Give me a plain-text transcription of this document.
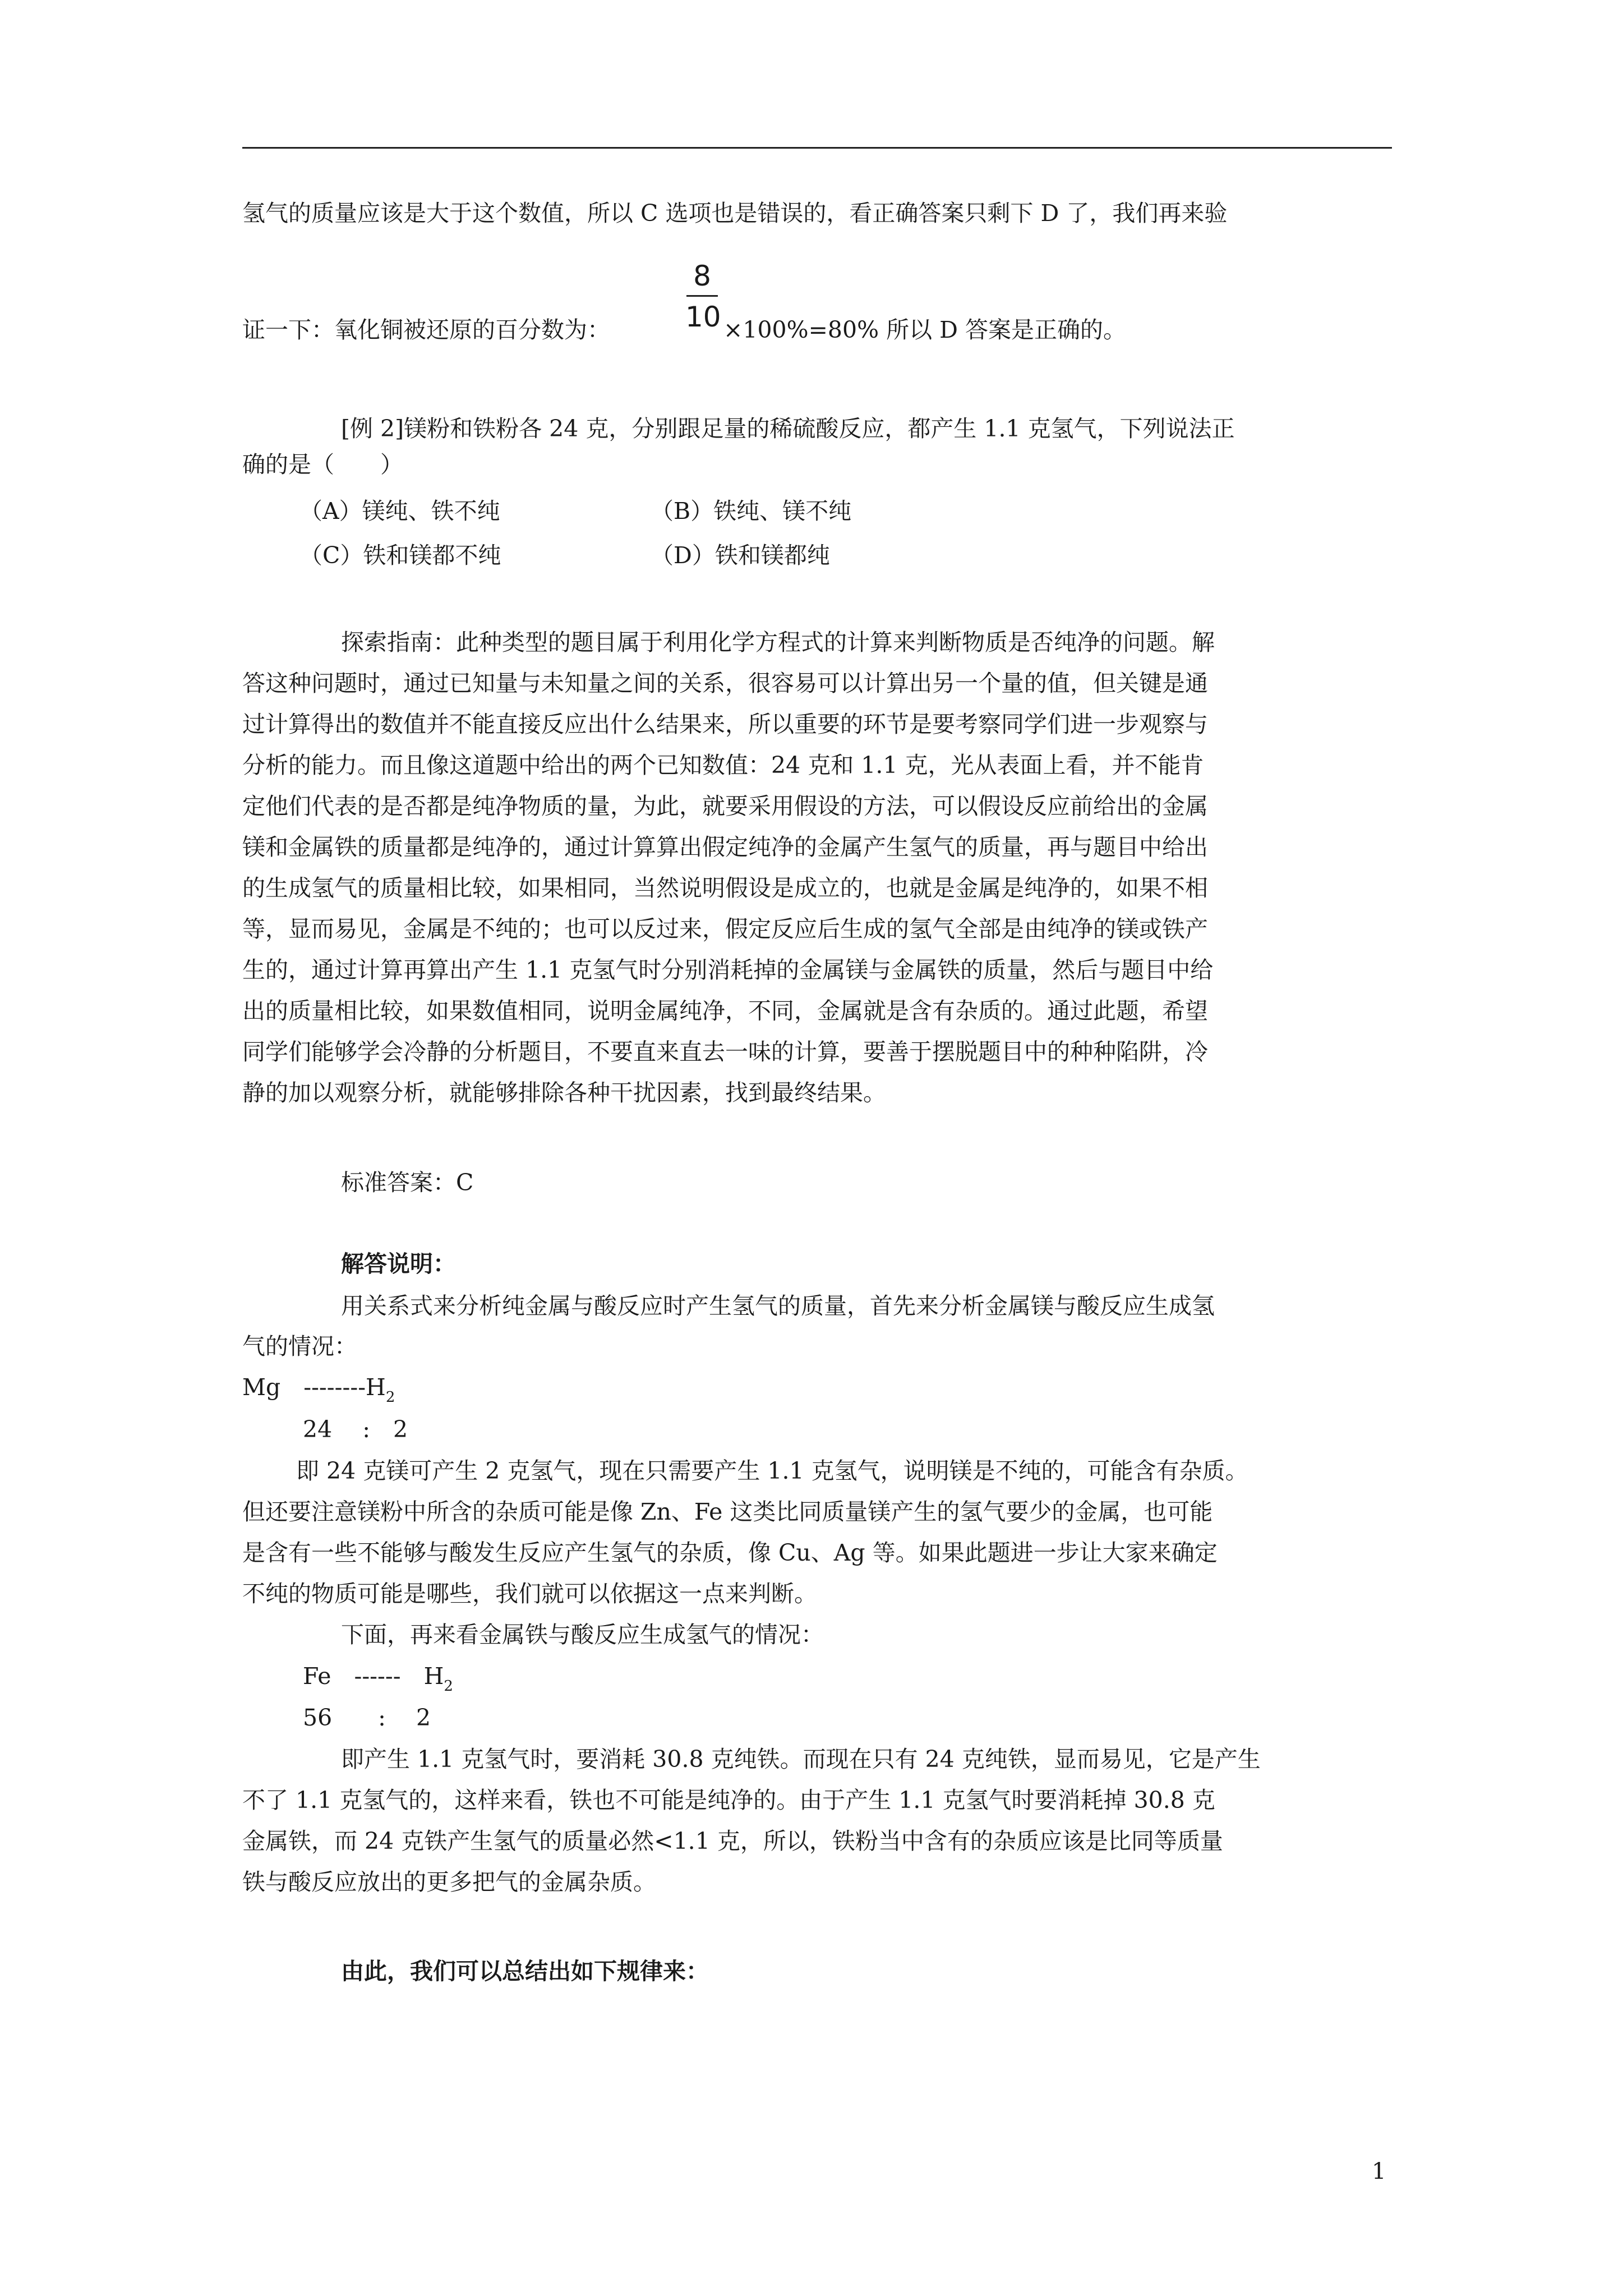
氢气的质量应该是大于这个数值，所以 C 选项也是错误的，看正确答案只剩下 D 了，我们再来验
证一下：氧化铜被还原的百分数为：
8
10 ×100%=80% 所以 D 答案是正确的。
[例 2]镁粉和铁粉各 24 克，分别跟足量的稀硫酸反应，都产生 1.1 克氢气，下列说法正
确的是（　　）
（A）镁纯、铁不纯	（B）铁纯、镁不纯
（C）铁和镁都不纯	（D）铁和镁都纯
探索指南：此种类型的题目属于利用化学方程式的计算来判断物质是否纯净的问题。解
答这种问题时，通过已知量与未知量之间的关系，很容易可以计算出另一个量的值，但关键是通
过计算得出的数值并不能直接反应出什么结果来，所以重要的环节是要考察同学们进一步观察与
分析的能力。而且像这道题中给出的两个已知数值：24 克和 1.1 克，光从表面上看，并不能肯
定他们代表的是否都是纯净物质的量，为此，就要采用假设的方法，可以假设反应前给出的金属
镁和金属铁的质量都是纯净的，通过计算算出假定纯净的金属产生氢气的质量，再与题目中给出
的生成氢气的质量相比较，如果相同，当然说明假设是成立的，也就是金属是纯净的，如果不相
等，显而易见，金属是不纯的；也可以反过来，假定反应后生成的氢气全部是由纯净的镁或铁产
生的，通过计算再算出产生 1.1 克氢气时分别消耗掉的金属镁与金属铁的质量，然后与题目中给
出的质量相比较，如果数值相同，说明金属纯净，不同，金属就是含有杂质的。通过此题，希望
同学们能够学会冷静的分析题目，不要直来直去一味的计算，要善于摆脱题目中的种种陷阱，冷
静的加以观察分析，就能够排除各种干扰因素，找到最终结果。
标准答案：C
解答说明：
用关系式来分析纯金属与酸反应时产生氢气的质量，首先来分析金属镁与酸反应生成氢
气的情况：
Mg　$--------H_2$
24　 :　2
即 24 克镁可产生 2 克氢气，现在只需要产生 1.1 克氢气，说明镁是不纯的，可能含有杂质。
但还要注意镁粉中所含的杂质可能是像 Zn、Fe 这类比同质量镁产生的氢气要少的金属，也可能
是含有一些不能够与酸发生反应产生氢气的杂质，像 Cu、Ag 等。如果此题进一步让大家来确定
不纯的物质可能是哪些，我们就可以依据这一点来判断。
下面，再来看金属铁与酸反应生成氢气的情况：
Fe　------　$H_2$
56　　:　 2
即产生 1.1 克氢气时，要消耗 30.8 克纯铁。而现在只有 24 克纯铁，显而易见，它是产生
不了 1.1 克氢气的，这样来看，铁也不可能是纯净的。由于产生 1.1 克氢气时要消耗掉 30.8 克
金属铁，而 24 克铁产生氢气的质量必然<1.1 克，所以，铁粉当中含有的杂质应该是比同等质量
铁与酸反应放出的更多把气的金属杂质。
由此，我们可以总结出如下规律来：
1
